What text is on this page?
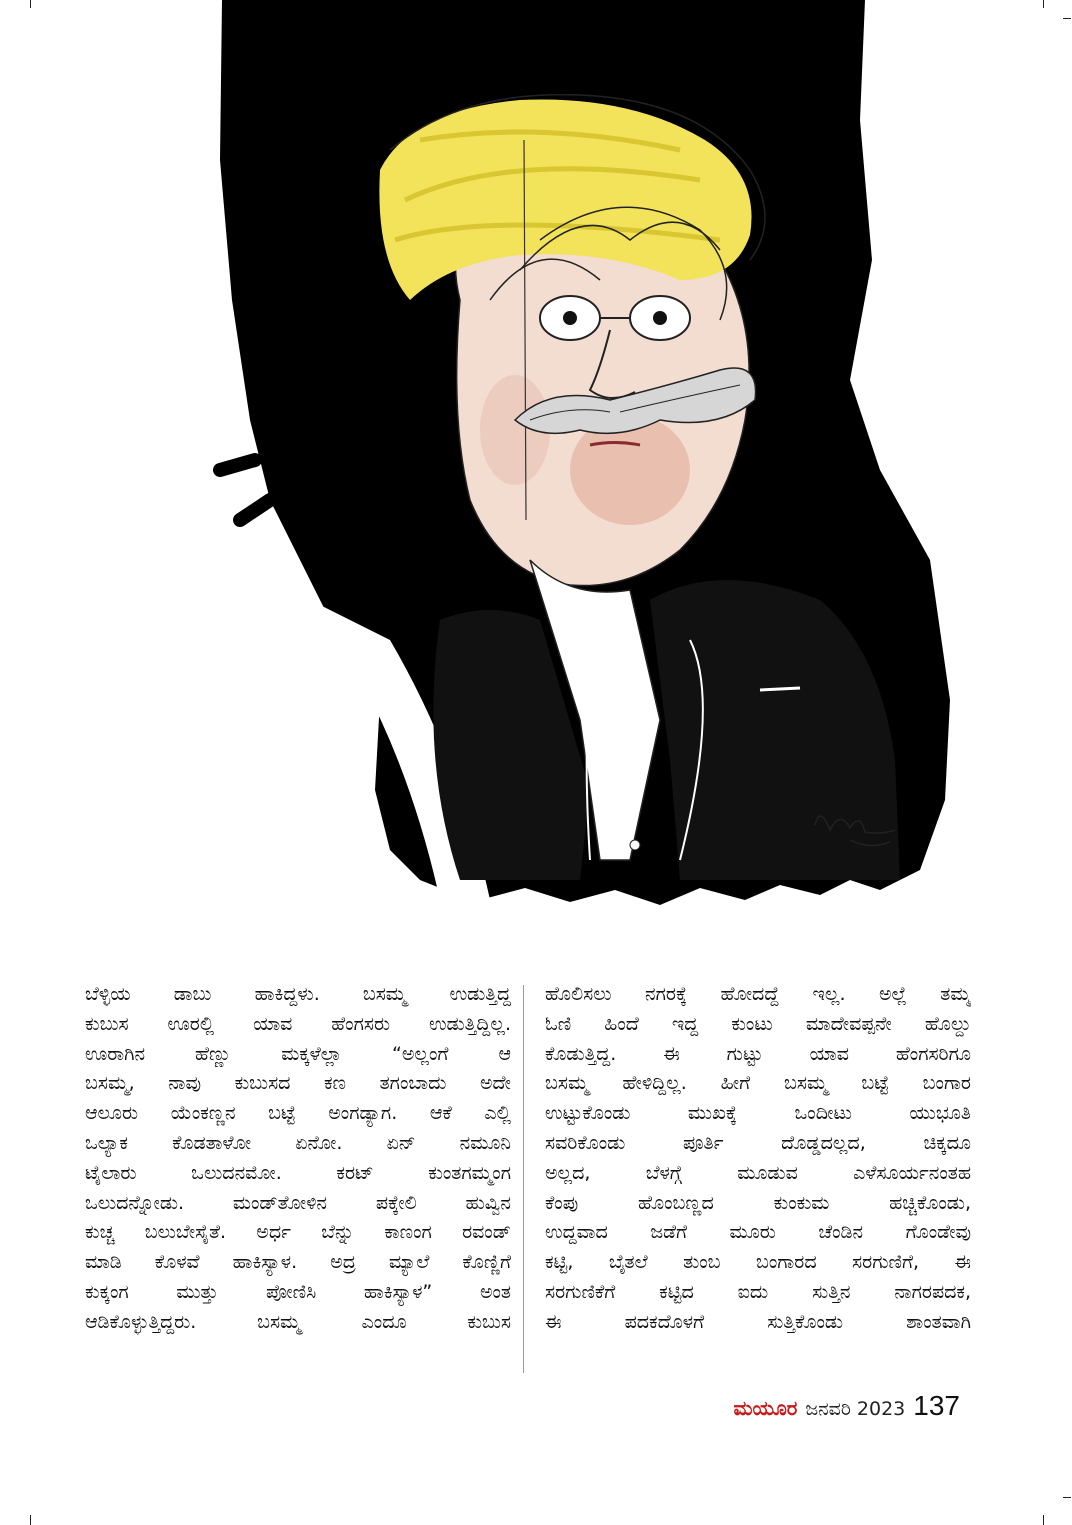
ಬೆಳ್ಳಿಯ ಡಾಬು ಹಾಕಿದ್ದಳು. ಬಸಮ್ಮ ಉಡುತ್ತಿದ್ದ
ಕುಬುಸ ಊರಲ್ಲಿ ಯಾವ ಹೆಂಗಸರು ಉಡುತ್ತಿದ್ದಿಲ್ಲ.
ಊರಾಗಿನ ಹೆಣ್ಣು ಮಕ್ಕಳೆಲ್ಲಾ “ಅಲ್ಲಂಗೆ ಆ
ಬಸಮ್ಮ, ನಾವು ಕುಬುಸದ ಕಣ ತಗಂಬಾದು ಅದೇ
ಆಲೂರು ಯೆಂಕಣ್ಣನ ಬಟ್ಟೆ ಅಂಗಡ್ಯಾಗ. ಆಕೆ ಎಲ್ಲಿ
ಒಲ್ಯಾಕ ಕೊಡತಾಳೋ ಏನೋ. ಏನ್ ನಮೂನಿ
ಟೈಲಾರು ಒಲುದನಮೋ. ಕರಟ್ ಕುಂತಗಮ್ಮಂಗ
ಒಲುದನ್ನೋಡು. ಮಂಡ್‌ತೋಳಿನ ಪಕ್ಕೇಲಿ ಹುವ್ವಿನ
ಕುಚ್ಚ ಬಲುಬೇಸೈತೆ. ಅರ್ಧ ಬೆನ್ನು ಕಾಣಂಗ ರವಂಡ್
ಮಾಡಿ ಕೊಳವೆ ಹಾಕಿಸ್ಯಾಳ. ಅದ್ರ ಮ್ಯಾಲೆ ಕೊಣ್ಣಿಗೆ
ಕುಕ್ಕಂಗ ಮುತ್ತು ಪೋಣಿಸಿ ಹಾಕಿಸ್ಯಾಳ” ಅಂತ
ಆಡಿಕೊಳ್ಳುತ್ತಿದ್ದರು. ಬಸಮ್ಮ ಎಂದೂ ಕುಬುಸ
ಹೊಲಿಸಲು ನಗರಕ್ಕೆ ಹೋದದ್ದೆ ಇಲ್ಲ. ಅಲ್ಲೆ ತಮ್ಮ
ಓಣಿ ಹಿಂದೆ ಇದ್ದ ಕುಂಟು ಮಾದೇವಪ್ಪನೇ ಹೊಲ್ದು
ಕೊಡುತ್ತಿದ್ದ. ಈ ಗುಟ್ಟು ಯಾವ ಹೆಂಗಸರಿಗೂ
ಬಸಮ್ಮ ಹೇಳಿದ್ದಿಲ್ಲ. ಹೀಗೆ ಬಸಮ್ಮ ಬಟ್ಟೆ ಬಂಗಾರ
ಉಟ್ಟುಕೊಂಡು ಮುಖಕ್ಕೆ ಒಂದೀಟು ಯುಭೂತಿ
ಸವರಿಕೊಂಡು ಪೂರ್ತಿ ದೊಡ್ಡದಲ್ಲದ, ಚಿಕ್ಕದೂ
ಅಲ್ಲದ, ಬೆಳಗ್ಗೆ ಮೂಡುವ ಎಳೆಸೂರ್ಯನಂತಹ
ಕೆಂಪು ಹೊಂಬಣ್ಣದ ಕುಂಕುಮ ಹಚ್ಚಿಕೊಂಡು,
ಉದ್ದವಾದ ಜಡೆಗೆ ಮೂರು ಚೆಂಡಿನ ಗೊಂಡೇವು
ಕಟ್ಟಿ, ಬೈತಲೆ ತುಂಬ ಬಂಗಾರದ ಸರಗುಣಿಗೆ, ಈ
ಸರಗುಣಿಕೆಗೆ ಕಟ್ಟಿದ ಐದು ಸುತ್ತಿನ ನಾಗರಪದಕ,
ಈ ಪದಕದೊಳಗೆ ಸುತ್ತಿಕೊಂಡು ಶಾಂತವಾಗಿ
ಮಯೂರ ಜನವರಿ 2023 137
